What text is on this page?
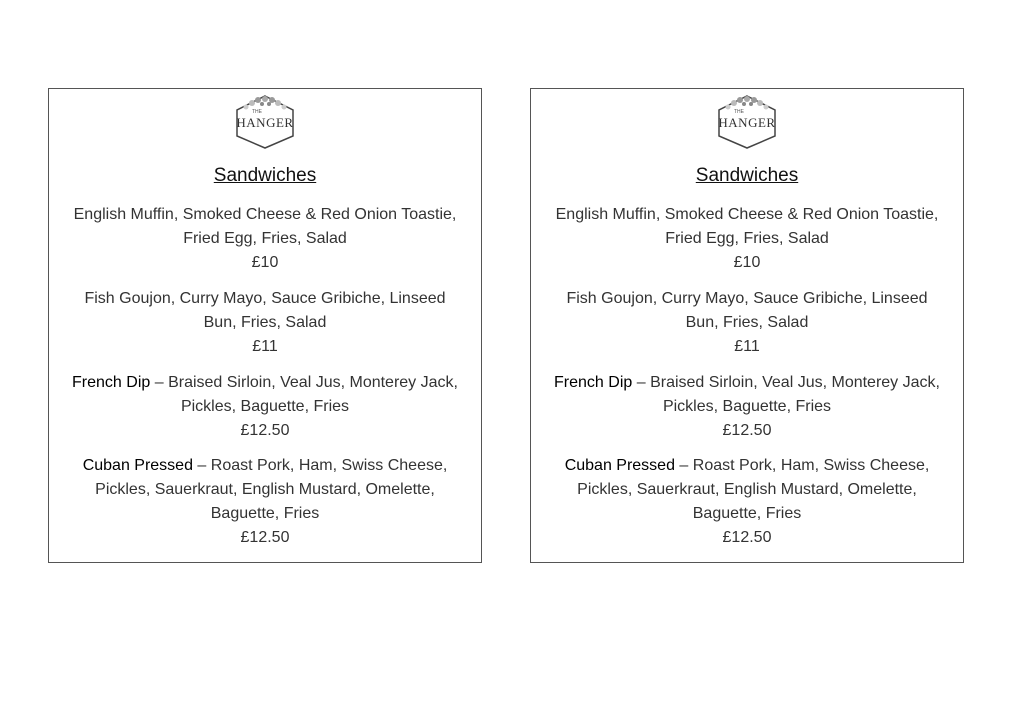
THE
HANGER
Sandwiches
English Muffin, Smoked Cheese & Red Onion Toastie,
Fried Egg, Fries, Salad
£10
Fish Goujon, Curry Mayo, Sauce Gribiche, Linseed
Bun, Fries, Salad
£11
French Dip – Braised Sirloin, Veal Jus, Monterey Jack,
Pickles, Baguette, Fries
£12.50
Cuban Pressed – Roast Pork, Ham, Swiss Cheese,
Pickles, Sauerkraut, English Mustard, Omelette,
Baguette, Fries
£12.50
THE
HANGER
Sandwiches
English Muffin, Smoked Cheese & Red Onion Toastie,
Fried Egg, Fries, Salad
£10
Fish Goujon, Curry Mayo, Sauce Gribiche, Linseed
Bun, Fries, Salad
£11
French Dip – Braised Sirloin, Veal Jus, Monterey Jack,
Pickles, Baguette, Fries
£12.50
Cuban Pressed – Roast Pork, Ham, Swiss Cheese,
Pickles, Sauerkraut, English Mustard, Omelette,
Baguette, Fries
£12.50
